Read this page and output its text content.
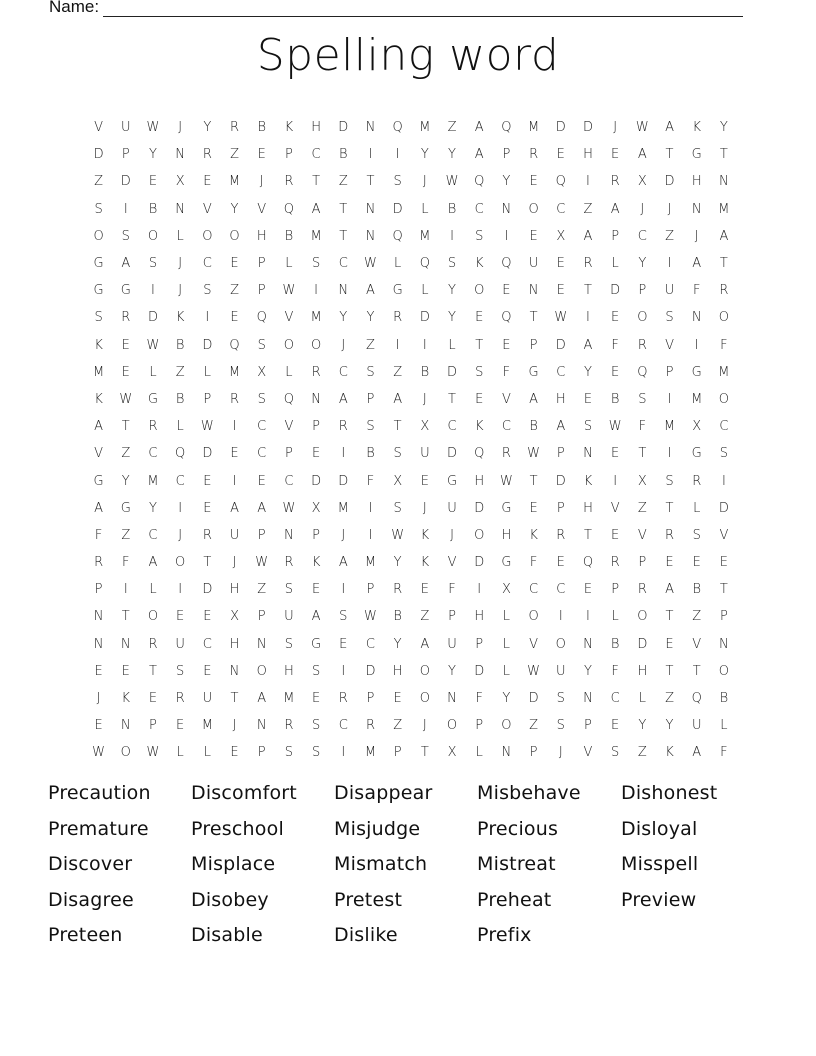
Name:
Spelling word
V	U	W	J	Y	R	B	K	H	D	N	Q	M	Z	A	Q	M	D	D	J	W	A	K	Y
D	P	Y	N	R	Z	E	P	C	B	I	I	Y	Y	A	P	R	E	H	E	A	T	G	T
Z	D	E	X	E	M	J	R	T	Z	T	S	J	W	Q	Y	E	Q	I	R	X	D	H	N
S	I	B	N	V	Y	V	Q	A	T	N	D	L	B	C	N	O	C	Z	A	J	J	N	M
O	S	O	L	O	O	H	B	M	T	N	Q	M	I	S	I	E	X	A	P	C	Z	J	A
G	A	S	J	C	E	P	L	S	C	W	L	Q	S	K	Q	U	E	R	L	Y	I	A	T
G	G	I	J	S	Z	P	W	I	N	A	G	L	Y	O	E	N	E	T	D	P	U	F	R
S	R	D	K	I	E	Q	V	M	Y	Y	R	D	Y	E	Q	T	W	I	E	O	S	N	O
K	E	W	B	D	Q	S	O	O	J	Z	I	I	L	T	E	P	D	A	F	R	V	I	F
M	E	L	Z	L	M	X	L	R	C	S	Z	B	D	S	F	G	C	Y	E	Q	P	G	M
K	W	G	B	P	R	S	Q	N	A	P	A	J	T	E	V	A	H	E	B	S	I	M	O
A	T	R	L	W	I	C	V	P	R	S	T	X	C	K	C	B	A	S	W	F	M	X	C
V	Z	C	Q	D	E	C	P	E	I	B	S	U	D	Q	R	W	P	N	E	T	I	G	S
G	Y	M	C	E	I	E	C	D	D	F	X	E	G	H	W	T	D	K	I	X	S	R	I
A	G	Y	I	E	A	A	W	X	M	I	S	J	U	D	G	E	P	H	V	Z	T	L	D
F	Z	C	J	R	U	P	N	P	J	I	W	K	J	O	H	K	R	T	E	V	R	S	V
R	F	A	O	T	J	W	R	K	A	M	Y	K	V	D	G	F	E	Q	R	P	E	E	E
P	I	L	I	D	H	Z	S	E	I	P	R	E	F	I	X	C	C	E	P	R	A	B	T
N	T	O	E	E	X	P	U	A	S	W	B	Z	P	H	L	O	I	I	L	O	T	Z	P
N	N	R	U	C	H	N	S	G	E	C	Y	A	U	P	L	V	O	N	B	D	E	V	N
E	E	T	S	E	N	O	H	S	I	D	H	O	Y	D	L	W	U	Y	F	H	T	T	O
J	K	E	R	U	T	A	M	E	R	P	E	O	N	F	Y	D	S	N	C	L	Z	Q	B
E	N	P	E	M	J	N	R	S	C	R	Z	J	O	P	O	Z	S	P	E	Y	Y	U	L
W	O	W	L	L	E	P	S	S	I	M	P	T	X	L	N	P	J	V	S	Z	K	A	F
Precaution	Discomfort	Disappear	Misbehave	Dishonest
Premature	Preschool	Misjudge	Precious	Disloyal
Discover	Misplace	Mismatch	Mistreat	Misspell
Disagree	Disobey	Pretest	Preheat	Preview
Preteen	Disable	Dislike	Prefix
